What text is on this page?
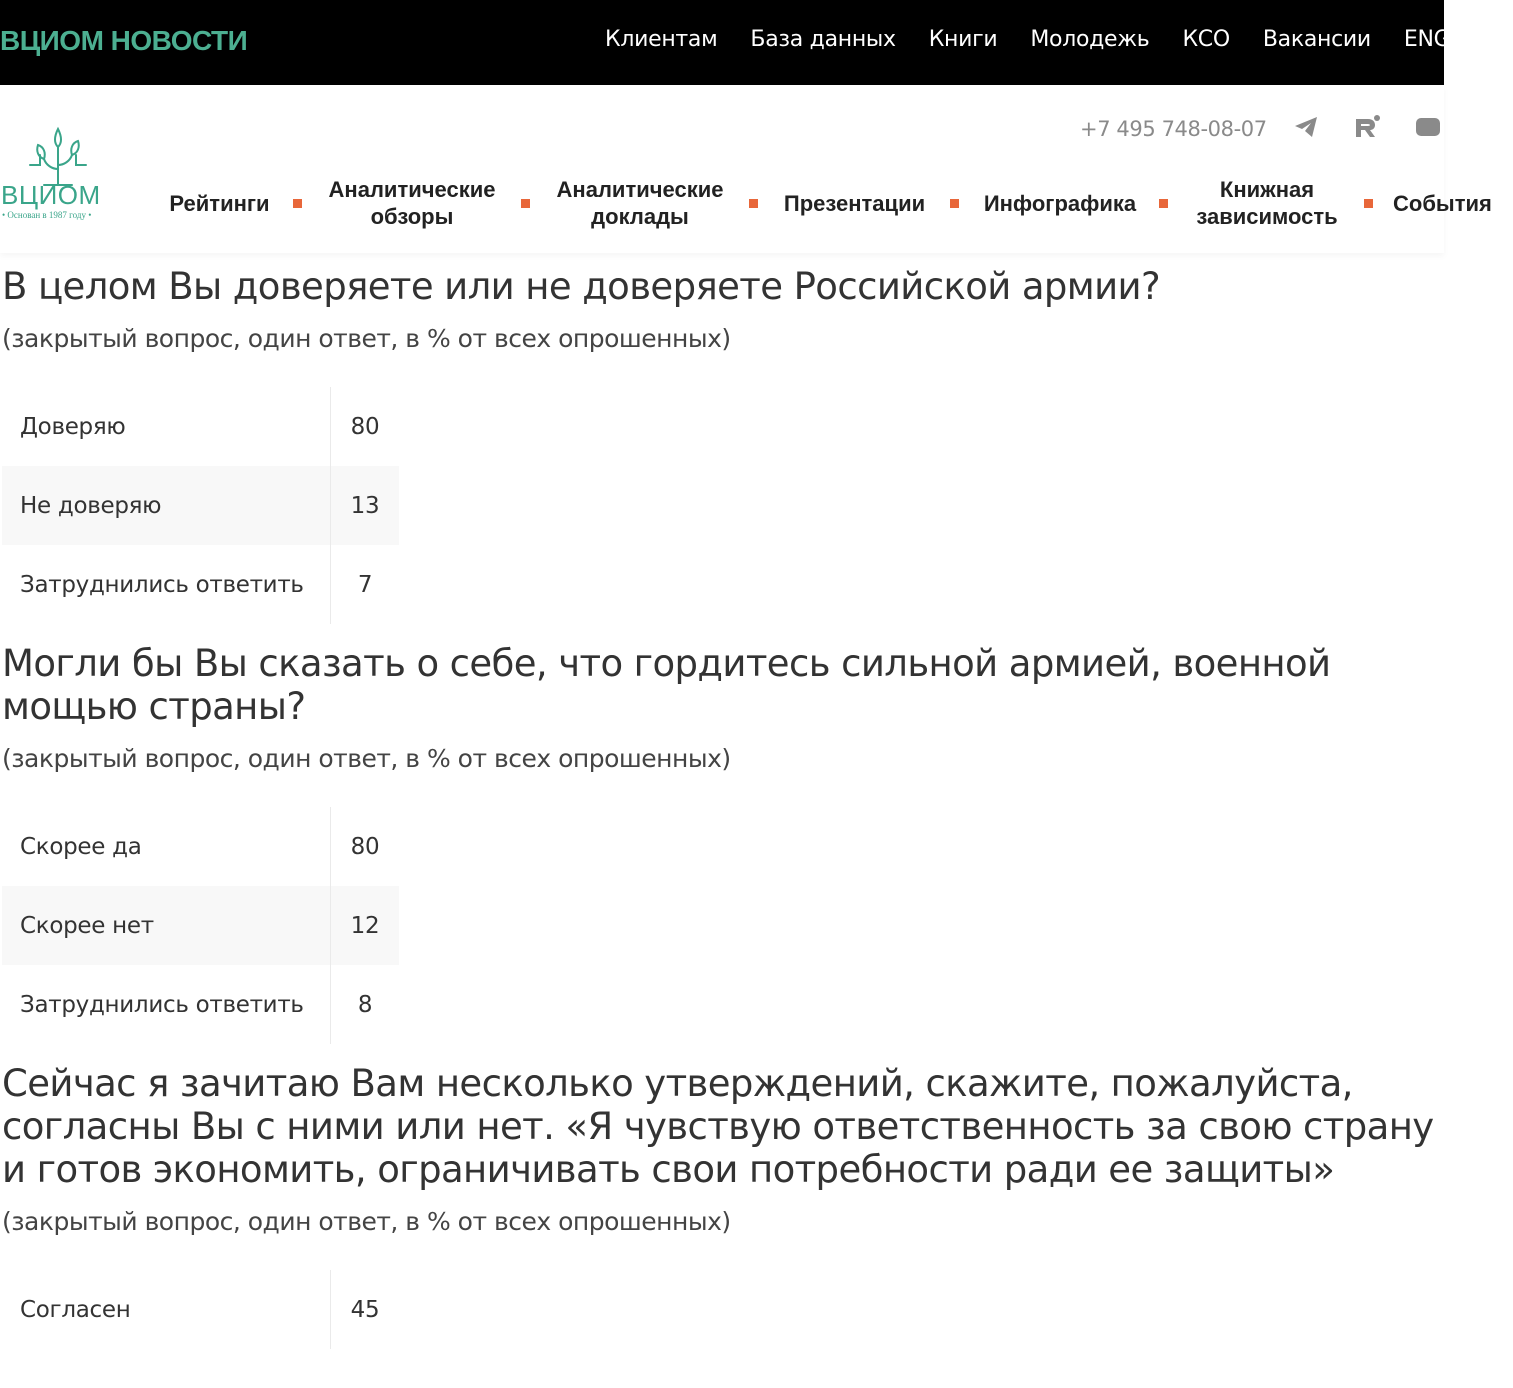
ВЦИОМ НОВОСТИ	Клиентам База данных Книги Молодежь КСО Вакансии ENG
ВЦИОМ
• Основан в 1987 году •
+7 495 748-08-07
Рейтинги
Аналитические обзоры
Аналитические доклады
Презентации	Инфографика
Книжная зависимость
События
В целом Вы доверяете или не доверяете Российской армии?
(закрытый вопрос, один ответ, в % от всех опрошенных)
Доверяю	80
Не доверяю	13
Затруднились ответить	7
Могли бы Вы сказать о себе, что гордитесь сильной армией, военной мощью страны?
(закрытый вопрос, один ответ, в % от всех опрошенных)
Скорее да	80
Скорее нет	12
Затруднились ответить	8
Сейчас я зачитаю Вам несколько утверждений, скажите, пожалуйста, согласны Вы с ними или нет. «Я чувствую ответственность за свою страну и готов экономить, ограничивать свои потребности ради ее защиты»
(закрытый вопрос, один ответ, в % от всех опрошенных)
Согласен	45
